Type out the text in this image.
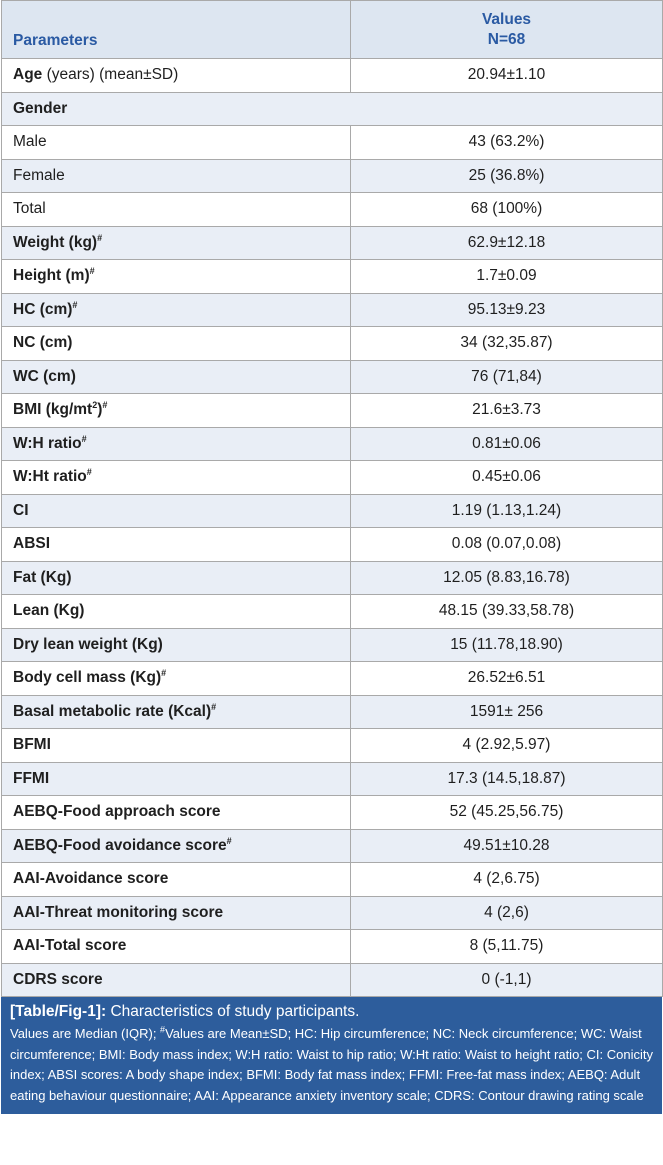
Parameters	Values
N=68

Age (years) (mean±SD)	20.94±1.10
Gender	
Male	43 (63.2%)
Female	25 (36.8%)
Total	68 (100%)
Weight (kg)#	62.9±12.18
Height (m)#	1.7±0.09
HC (cm)#	95.13±9.23
NC (cm)	34 (32,35.87)
WC (cm)	76 (71,84)
BMI $(kg/mt^2)^{\#}$	21.6±3.73
W:H ratio#	0.81±0.06
W:Ht ratio#	0.45±0.06
CI	1.19 (1.13,1.24)
ABSI	0.08 (0.07,0.08)
Fat (Kg)	12.05 (8.83,16.78)
Lean (Kg)	48.15 (39.33,58.78)
Dry lean weight (Kg)	15 (11.78,18.90)
Body cell mass (Kg)#	26.52±6.51
Basal metabolic rate (Kcal)#	1591± 256
BFMI	4 (2.92,5.97)
FFMI	17.3 (14.5,18.87)
AEBQ-Food approach score	52 (45.25,56.75)
AEBQ-Food avoidance score#	49.51±10.28
AAI-Avoidance score	4 (2,6.75)
AAI-Threat monitoring score	4 (2,6)
AAI-Total score	8 (5,11.75)
CDRS score	0 (-1,1)
[Table/Fig-1]: Characteristics of study participants.
Values are Median (IQR); #Values are Mean±SD; HC: Hip circumference; NC: Neck circumference; WC: Waist circumference; BMI: Body mass index; W:H ratio: Waist to hip ratio; W:Ht ratio: Waist to height ratio; CI: Conicity index; ABSI scores: A body shape index; BFMI: Body fat mass index; FFMI: Free-fat mass index; AEBQ: Adult eating behaviour questionnaire; AAI: Appearance anxiety inventory scale; CDRS: Contour drawing rating scale
